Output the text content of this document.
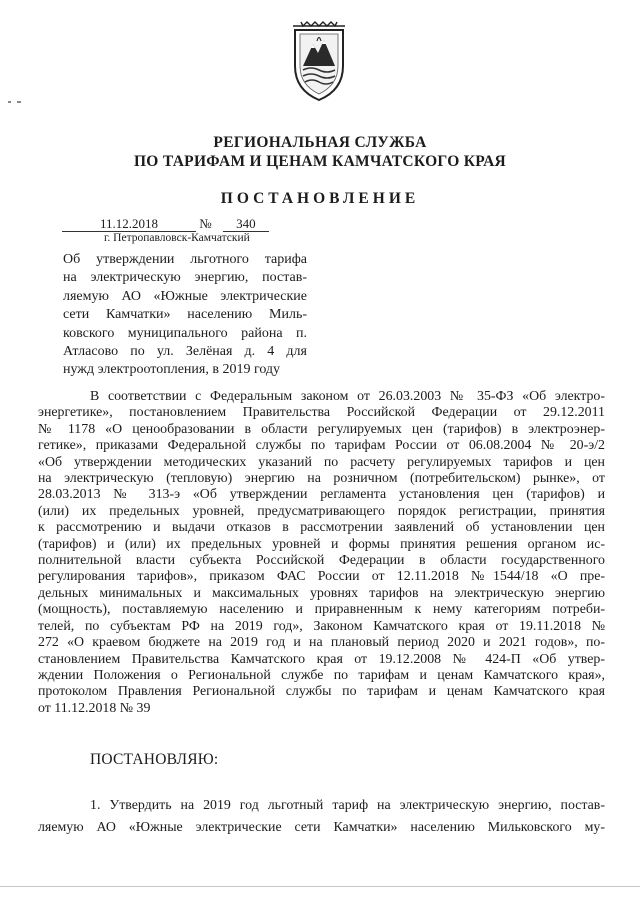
РЕГИОНАЛЬНАЯ СЛУЖБА
ПО ТАРИФАМ И ЦЕНАМ КАМЧАТСКОГО КРАЯ
ПОСТАНОВЛЕНИЕ
11.12.2018	№ 340
г. Петропавловск-Камчатский
Об утверждении льготного тарифа
на электрическую энергию, постав-
ляемую АО «Южные электрические
сети Камчатки» населению Миль-
ковского муниципального района п.
Атласово по ул. Зелёная д. 4 для
нужд электроотопления, в 2019 году
В соответствии с Федеральным законом от 26.03.2003 № 35-ФЗ «Об электро-
энергетике», постановлением Правительства Российской Федерации от 29.12.2011
№ 1178 «О ценообразовании в области регулируемых цен (тарифов) в электроэнер-
гетике», приказами Федеральной службы по тарифам России от 06.08.2004 № 20-э/2
«Об утверждении методических указаний по расчету регулируемых тарифов и цен
на электрическую (тепловую) энергию на розничном (потребительском) рынке», от
28.03.2013 № 313-э «Об утверждении регламента установления цен (тарифов) и
(или) их предельных уровней, предусматривающего порядок регистрации, принятия
к рассмотрению и выдачи отказов в рассмотрении заявлений об установлении цен
(тарифов) и (или) их предельных уровней и формы принятия решения органом ис-
полнительной власти субъекта Российской Федерации в области государственного
регулирования тарифов», приказом ФАС России от 12.11.2018 №1544/18 «О пре-
дельных минимальных и максимальных уровнях тарифов на электрическую энергию
(мощность), поставляемую населению и приравненным к нему категориям потреби-
телей, по субъектам РФ на 2019 год», Законом Камчатского края от 19.11.2018 №
272 «О краевом бюджете на 2019 год и на плановый период 2020 и 2021 годов», по-
становлением Правительства Камчатского края от 19.12.2008 № 424-П «Об утвер-
ждении Положения о Региональной службе по тарифам и ценам Камчатского края»,
протоколом Правления Региональной службы по тарифам и ценам Камчатского края
от 11.12.2018 № 39
ПОСТАНОВЛЯЮ:
1. Утвердить на 2019 год льготный тариф на электрическую энергию, постав-
ляемую АО «Южные электрические сети Камчатки» населению Мильковского му-
